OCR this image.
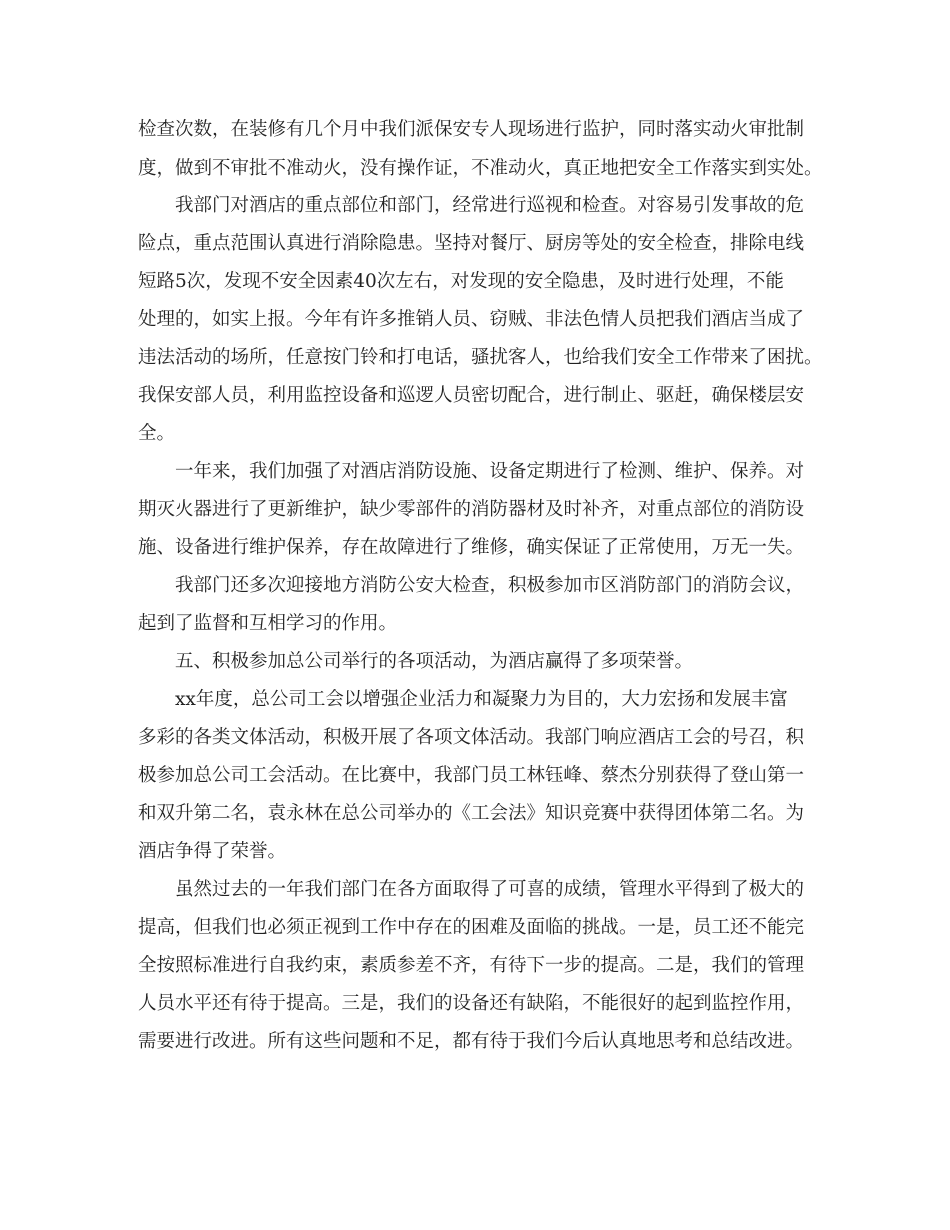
检查次数，在装修有几个月中我们派保安专人现场进行监护，同时落实动火审批制

度，做到不审批不准动火，没有操作证，不准动火，真正地把安全工作落实到实处。

我部门对酒店的重点部位和部门，经常进行巡视和检查。对容易引发事故的危

险点，重点范围认真进行消除隐患。坚持对餐厅、厨房等处的安全检查，排除电线

短路5次，发现不安全因素40次左右，对发现的安全隐患，及时进行处理，不能

处理的，如实上报。今年有许多推销人员、窃贼、非法色情人员把我们酒店当成了

违法活动的场所，任意按门铃和打电话，骚扰客人，也给我们安全工作带来了困扰。

我保安部人员，利用监控设备和巡逻人员密切配合，进行制止、驱赶，确保楼层安

全。

一年来，我们加强了对酒店消防设施、设备定期进行了检测、维护、保养。对

期灭火器进行了更新维护，缺少零部件的消防器材及时补齐，对重点部位的消防设

施、设备进行维护保养，存在故障进行了维修，确实保证了正常使用，万无一失。

我部门还多次迎接地方消防公安大检查，积极参加市区消防部门的消防会议，

起到了监督和互相学习的作用。

五、积极参加总公司举行的各项活动，为酒店赢得了多项荣誉。

xx年度，总公司工会以增强企业活力和凝聚力为目的，大力宏扬和发展丰富

多彩的各类文体活动，积极开展了各项文体活动。我部门响应酒店工会的号召，积

极参加总公司工会活动。在比赛中，我部门员工林钰峰、蔡杰分别获得了登山第一

和双升第二名，袁永林在总公司举办的《工会法》知识竞赛中获得团体第二名。为

酒店争得了荣誉。

虽然过去的一年我们部门在各方面取得了可喜的成绩，管理水平得到了极大的

提高，但我们也必须正视到工作中存在的困难及面临的挑战。一是，员工还不能完

全按照标准进行自我约束，素质参差不齐，有待下一步的提高。二是，我们的管理

人员水平还有待于提高。三是，我们的设备还有缺陷，不能很好的起到监控作用，

需要进行改进。所有这些问题和不足，都有待于我们今后认真地思考和总结改进。
